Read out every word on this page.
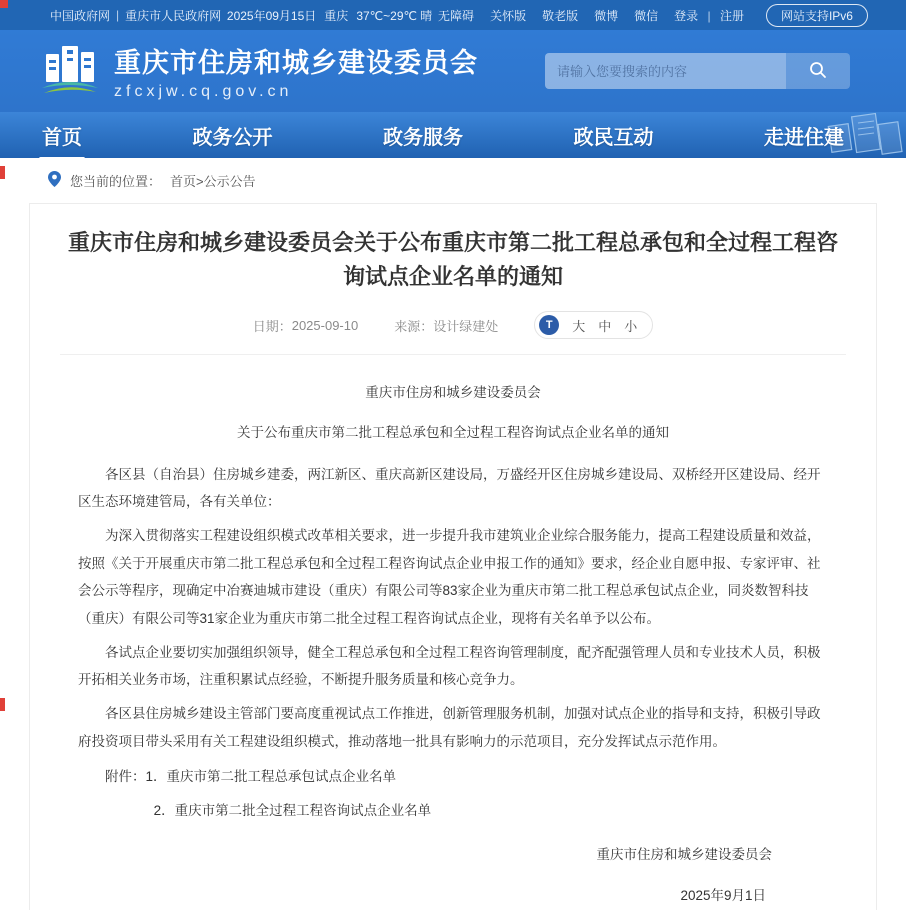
中国政府网 | 重庆市人民政府网 2025年09月15日 重庆 37℃~29℃ 晴 无障碍 关怀版 敬老版 微博 微信 登录 | 注册	网站支持IPv6
重庆市住房和城乡建设委员会
zfcxjw.cq.gov.cn
请输入您要搜索的内容
首页	政务公开	政务服务	政民互动	走进住建
您当前的位置： 首页>公示公告
重庆市住房和城乡建设委员会关于公布重庆市第二批工程总承包和全过程工程咨询试点企业名单的通知
日期： 2025-09-10	来源： 设计绿建处	T	大 中 小

重庆市住房和城乡建设委员会

关于公布重庆市第二批工程总承包和全过程工程咨询试点企业名单的通知

各区县（自治县）住房城乡建委，两江新区、重庆高新区建设局，万盛经开区住房城乡建设局、双桥经开区建设局、经开区生态环境建管局，各有关单位：

为深入贯彻落实工程建设组织模式改革相关要求，进一步提升我市建筑业企业综合服务能力，提高工程建设质量和效益，按照《关于开展重庆市第二批工程总承包和全过程工程咨询试点企业申报工作的通知》要求，经企业自愿申报、专家评审、社会公示等程序，现确定中冶赛迪城市建设（重庆）有限公司等83家企业为重庆市第二批工程总承包试点企业，同炎数智科技（重庆）有限公司等31家企业为重庆市第二批全过程工程咨询试点企业，现将有关名单予以公布。

各试点企业要切实加强组织领导，健全工程总承包和全过程工程咨询管理制度，配齐配强管理人员和专业技术人员，积极开拓相关业务市场，注重积累试点经验，不断提升服务质量和核心竞争力。

各区县住房城乡建设主管部门要高度重视试点工作推进，创新管理服务机制，加强对试点企业的指导和支持，积极引导政府投资项目带头采用有关工程建设组织模式，推动落地一批具有影响力的示范项目，充分发挥试点示范作用。

附件：1．重庆市第二批工程总承包试点企业名单

2．重庆市第二批全过程工程咨询试点企业名单

重庆市住房和城乡建设委员会

2025年9月1日
